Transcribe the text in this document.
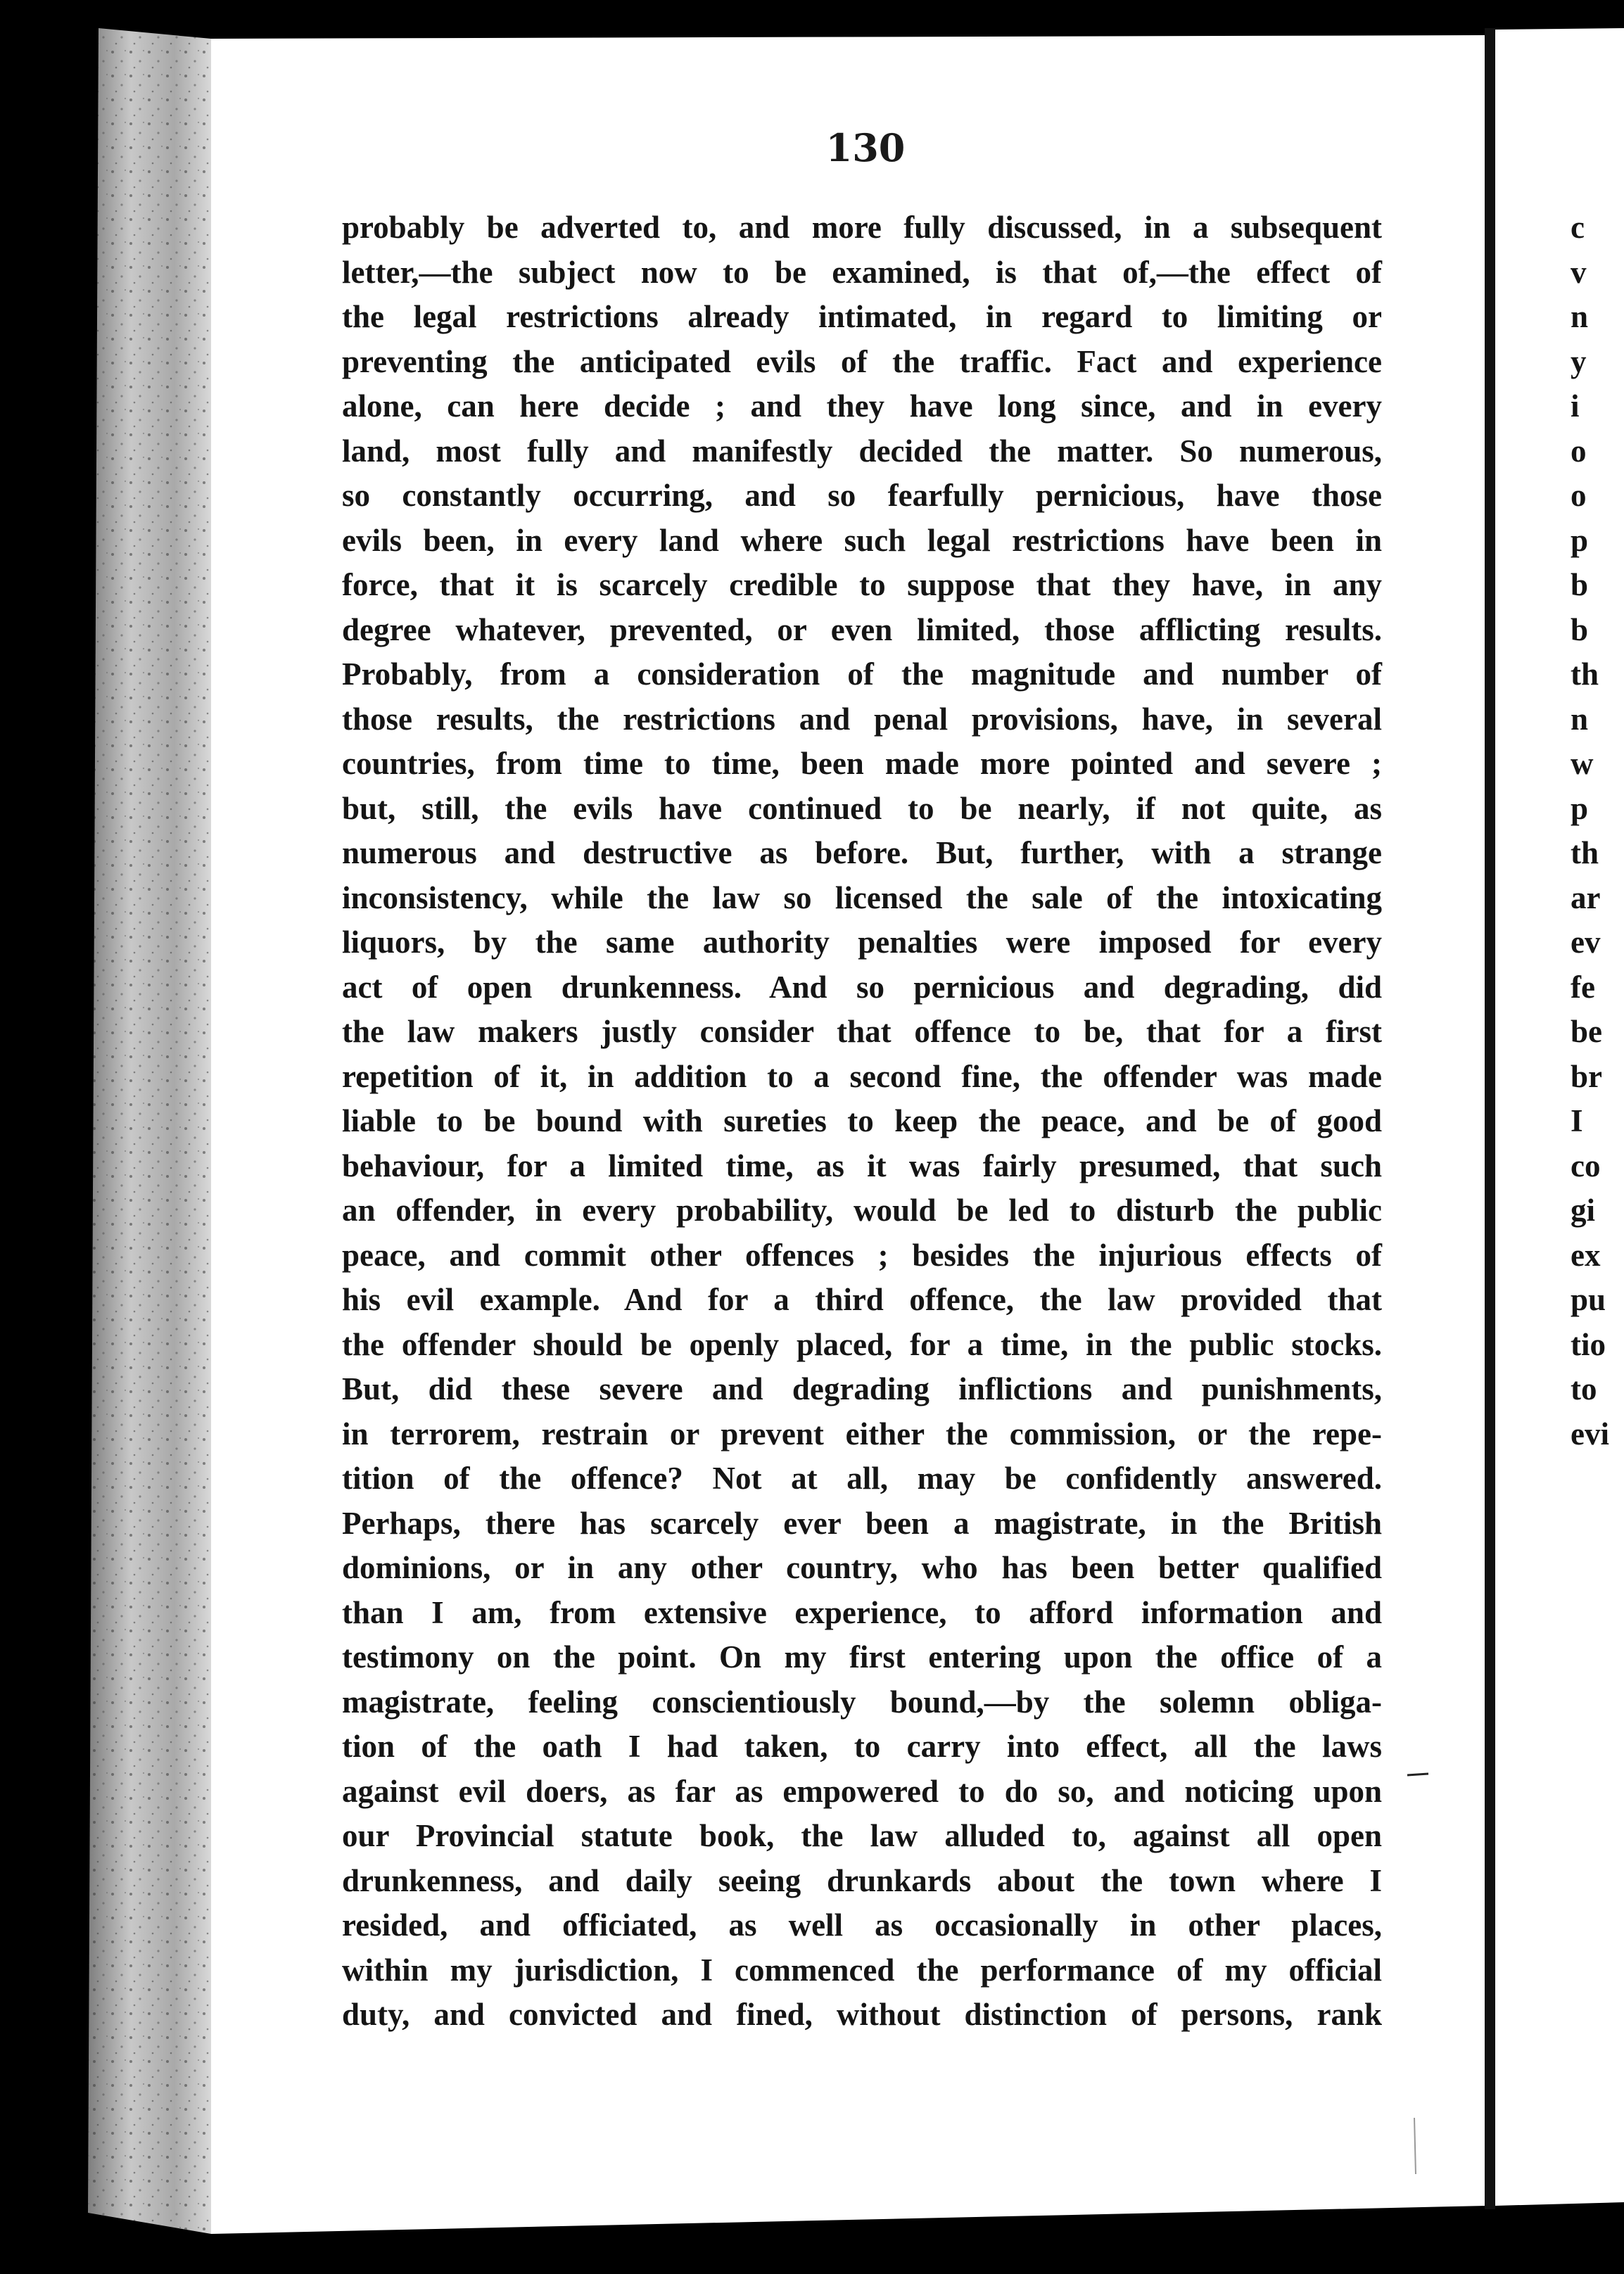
130
probably be adverted to, and more fully discussed, in a subsequent
letter,—the subject now to be examined, is that of,—the effect of
the legal restrictions already intimated, in regard to limiting or
preventing the anticipated evils of the traffic. Fact and experience
alone, can here decide ; and they have long since, and in every
land, most fully and manifestly decided the matter. So numerous,
so constantly occurring, and so fearfully pernicious, have those
evils been, in every land where such legal restrictions have been in
force, that it is scarcely credible to suppose that they have, in any
degree whatever, prevented, or even limited, those afflicting results.
Probably, from a consideration of the magnitude and number of
those results, the restrictions and penal provisions, have, in several
countries, from time to time, been made more pointed and severe ;
but, still, the evils have continued to be nearly, if not quite, as
numerous and destructive as before. But, further, with a strange
inconsistency, while the law so licensed the sale of the intoxicating
liquors, by the same authority penalties were imposed for every
act of open drunkenness. And so pernicious and degrading, did
the law makers justly consider that offence to be, that for a first
repetition of it, in addition to a second fine, the offender was made
liable to be bound with sureties to keep the peace, and be of good
behaviour, for a limited time, as it was fairly presumed, that such
an offender, in every probability, would be led to disturb the public
peace, and commit other offences ; besides the injurious effects of
his evil example. And for a third offence, the law provided that
the offender should be openly placed, for a time, in the public stocks.
But, did these severe and degrading inflictions and punishments,
in terrorem, restrain or prevent either the commission, or the repe-
tition of the offence? Not at all, may be confidently answered.
Perhaps, there has scarcely ever been a magistrate, in the British
dominions, or in any other country, who has been better qualified
than I am, from extensive experience, to afford information and
testimony on the point. On my first entering upon the office of a
magistrate, feeling conscientiously bound,—by the solemn obliga-
tion of the oath I had taken, to carry into effect, all the laws
against evil doers, as far as empowered to do so, and noticing upon
our Provincial statute book, the law alluded to, against all open
drunkenness, and daily seeing drunkards about the town where I
resided, and officiated, as well as occasionally in other places,
within my jurisdiction, I commenced the performance of my official
duty, and convicted and fined, without distinction of persons, rank
c
v
n
y
i
o
o
p
b
b
th
n
w
p
th
ar
ev
fe
be
br
I
co
gi
ex
pu
tio
to
evi
